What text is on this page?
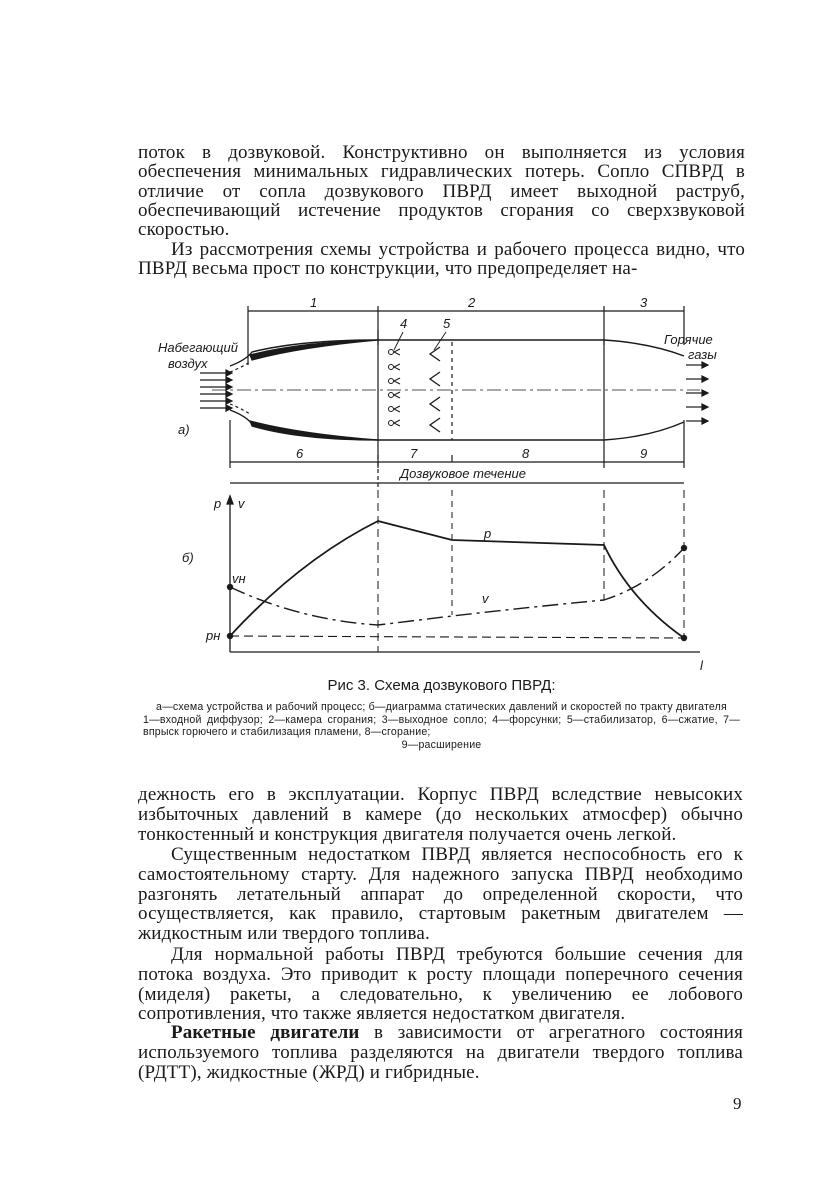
поток в дозвуковой. Конструктивно он выполняется из условия обеспечения минимальных гидравлических потерь. Сопло СПВРД в отличие от сопла дозвукового ПВРД имеет выходной раструб, обеспечивающий истечение продуктов сгорания со сверхзвуковой скоростью.

Из рассмотрения схемы устройства и рабочего процесса видно, что ПВРД весьма прост по конструкции, что предопределяет на-

1	2	3
4	5
6	7	8	9
Дозвуковое течение
Набегающий
воздух
Горячие
газы
а)
б)
p v
p
v
vн
pн
l
Рис 3. Схема дозвукового ПВРД:
а—схема устройства и рабочий процесс; б—диаграмма статических давлений и скоростей по тракту двигателя
1—входной диффузор; 2—камера сгорания; 3—выходное сопло; 4—форсунки; 5—стабилизатор, 6—сжатие, 7—впрыск горючего и стабилизация пламени, 8—сгорание;
9—расширение

дежность его в эксплуатации. Корпус ПВРД вследствие невысоких избыточных давлений в камере (до нескольких атмосфер) обычно тонкостенный и конструкция двигателя получается очень легкой.

Существенным недостатком ПВРД является неспособность его к самостоятельному старту. Для надежного запуска ПВРД необходимо разгонять летательный аппарат до определенной скорости, что осуществляется, как правило, стартовым ракетным двигателем — жидкостным или твердого топлива.

Для нормальной работы ПВРД требуются большие сечения для потока воздуха. Это приводит к росту площади поперечного сечения (миделя) ракеты, а следовательно, к увеличению ее лобового сопротивления, что также является недостатком двигателя.

Ракетные двигатели в зависимости от агрегатного состояния используемого топлива разделяются на двигатели твердого топлива (РДТТ), жидкостные (ЖРД) и гибридные.

9
